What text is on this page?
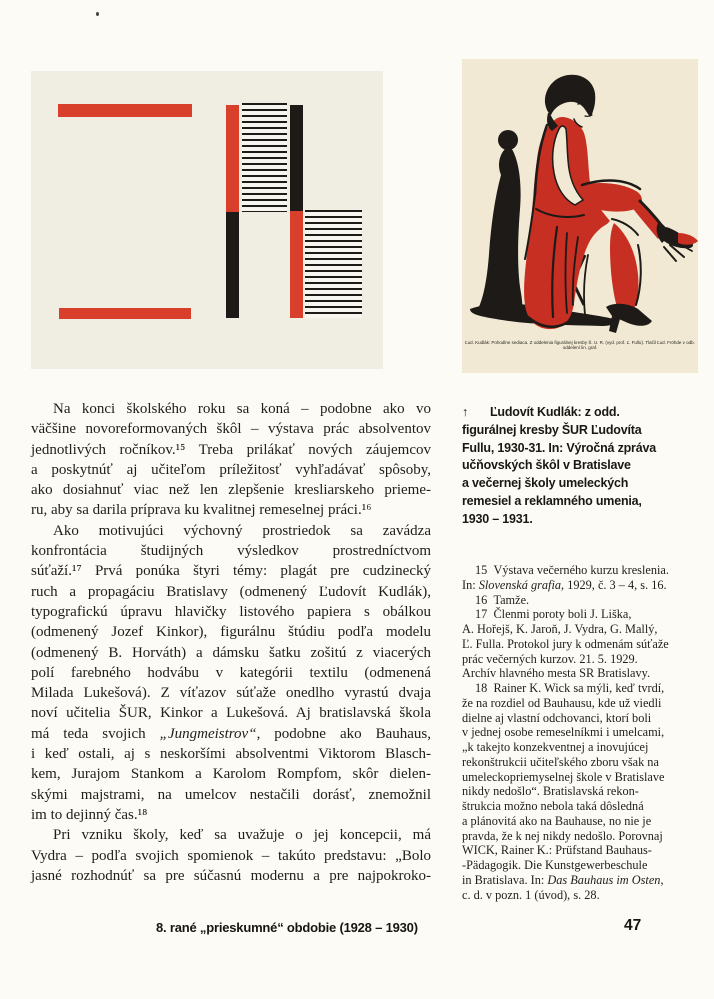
Ľud. Kudlák: Pohodlne sediaca. Z oddelenia figurálnej kresby Š. U. R. (vyd. prof. Ľ. Fullu). Tlačil Ľud. Fröhde v odb. oddelení lin. graf.
Na konci školského roku sa koná – podobne ako vo
väčšine novoreformovaných škôl – výstava prác absolventov
jednotlivých ročníkov.¹⁵ Treba prilákať nových záujemcov
a poskytnúť aj učiteľom príležitosť vyhľadávať spôsoby,
ako dosiahnuť viac než len zlepšenie kresliarskeho prieme-
ru, aby sa darila príprava ku kvalitnej remeselnej práci.¹⁶
Ako motivujúci výchovný prostriedok sa zavádza
konfrontácia študijných výsledkov prostredníctvom
súťaží.¹⁷ Prvá ponúka štyri témy: plagát pre cudzinecký
ruch a propagáciu Bratislavy (odmenený Ľudovít Kudlák),
typografickú úpravu hlavičky listového papiera s obálkou
(odmenený Jozef Kinkor), figurálnu štúdiu podľa modelu
(odmenený B. Horváth) a dámsku šatku zošitú z viacerých
polí farebného hodvábu v kategórii textilu (odmenená
Milada Lukešová). Z víťazov súťaže onedlho vyrastú dvaja
noví učitelia ŠUR, Kinkor a Lukešová. Aj bratislavská škola
má teda svojich „Jungmeistrov“, podobne ako Bauhaus,
i keď ostali, aj s neskoršími absolventmi Viktorom Blasch-
kem, Jurajom Stankom a Karolom Rompfom, skôr dielen-
skými majstrami, na umelcov nestačili dorásť, znemožnil
im to dejinný čas.¹⁸
Pri vzniku školy, keď sa uvažuje o jej koncepcii, má
Vydra – podľa svojich spomienok – takúto predstavu: „Bolo
jasné rozhodnúť sa pre súčasnú modernu a pre najpokroko-
↑ Ľudovít Kudlák: z odd.
figurálnej kresby ŠUR Ľudovíta
Fullu, 1930-31. In: Výročná zpráva
učňovských škôl v Bratislave
a večernej školy umeleckých
remesiel a reklamného umenia,
1930 – 1931.
15 Výstava večerného kurzu kreslenia.
In: Slovenská grafia, 1929, č. 3 – 4, s. 16.
16 Tamže.
17 Členmi poroty boli J. Liška,
A. Hořejš, K. Jaroň, J. Vydra, G. Mallý,
Ľ. Fulla. Protokol jury k odmenám súťaže
prác večerných kurzov. 21. 5. 1929.
Archív hlavného mesta SR Bratislavy.
18 Rainer K. Wick sa mýli, keď tvrdí,
že na rozdiel od Bauhausu, kde už viedli
dielne aj vlastní odchovanci, ktorí boli
v jednej osobe remeselníkmi i umelcami,
„k takejto konzekventnej a inovujúcej
rekonštrukcii učiteľského zboru však na
umeleckopriemyselnej škole v Bratislave
nikdy nedošlo“. Bratislavská rekon-
štrukcia možno nebola taká dôsledná
a plánovitá ako na Bauhause, no nie je
pravda, že k nej nikdy nedošlo. Porovnaj
WICK, Rainer K.: Prüfstand Bauhaus-
-Pädagogik. Die Kunstgewerbeschule
in Bratislava. In: Das Bauhaus im Osten,
c. d. v pozn. 1 (úvod), s. 28.
8. rané „prieskumné“ obdobie (1928 – 1930)	47
